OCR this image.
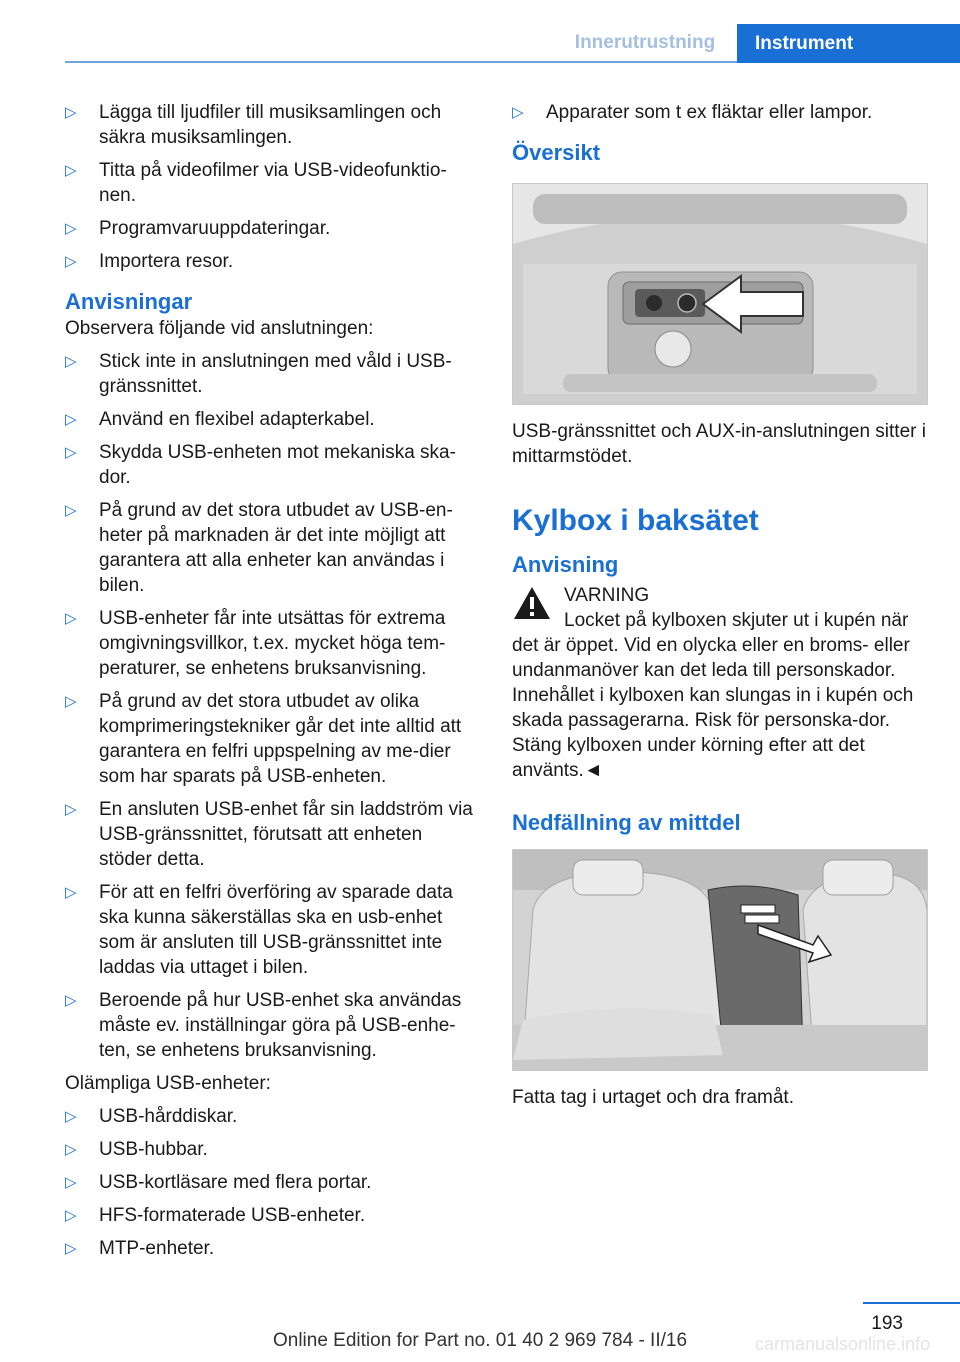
Innerutrustning	Instrument
▷ Lägga till ljudfiler till musiksamlingen och säkra musiksamlingen.
▷ Titta på videofilmer via USB-videofunktio-nen.
▷ Programvaruuppdateringar.
▷ Importera resor.
Anvisningar

Observera följande vid anslutningen:

▷ Stick inte in anslutningen med våld i USB-gränssnittet.
▷ Använd en flexibel adapterkabel.
▷ Skydda USB-enheten mot mekaniska ska-dor.
▷ På grund av det stora utbudet av USB-en-heter på marknaden är det inte möjligt att garantera att alla enheter kan användas i bilen.
▷ USB-enheter får inte utsättas för extrema omgivningsvillkor, t.ex. mycket höga tem-peraturer, se enhetens bruksanvisning.
▷ På grund av det stora utbudet av olika komprimeringstekniker går det inte alltid att garantera en felfri uppspelning av me-dier som har sparats på USB-enheten.
▷ En ansluten USB-enhet får sin laddström via USB-gränssnittet, förutsatt att enheten stöder detta.
▷ För att en felfri överföring av sparade data ska kunna säkerställas ska en usb-enhet som är ansluten till USB-gränssnittet inte laddas via uttaget i bilen.
▷ Beroende på hur USB-enhet ska användas måste ev. inställningar göra på USB-enhe-ten, se enhetens bruksanvisning.

Olämpliga USB-enheter:

▷ USB-hårddiskar.
▷ USB-hubbar.
▷ USB-kortläsare med flera portar.
▷ HFS-formaterade USB-enheter.
▷ MTP-enheter.
▷ Apparater som t ex fläktar eller lampor.
Översikt

USB-gränssnittet och AUX-in-anslutningen sitter i mittarmstödet.

Kylbox i baksätet
Anvisning
VARNING
Locket på kylboxen skjuter ut i kupén när

det är öppet. Vid en olycka eller en broms- eller undanmanöver kan det leda till personskador. Innehållet i kylboxen kan slungas in i kupén och skada passagerarna. Risk för personska-dor. Stäng kylboxen under körning efter att det använts.◄

Nedfällning av mittdel

Fatta tag i urtaget och dra framåt.

193
Online Edition for Part no. 01 40 2 969 784 - II/16	carmanualsonline.info
